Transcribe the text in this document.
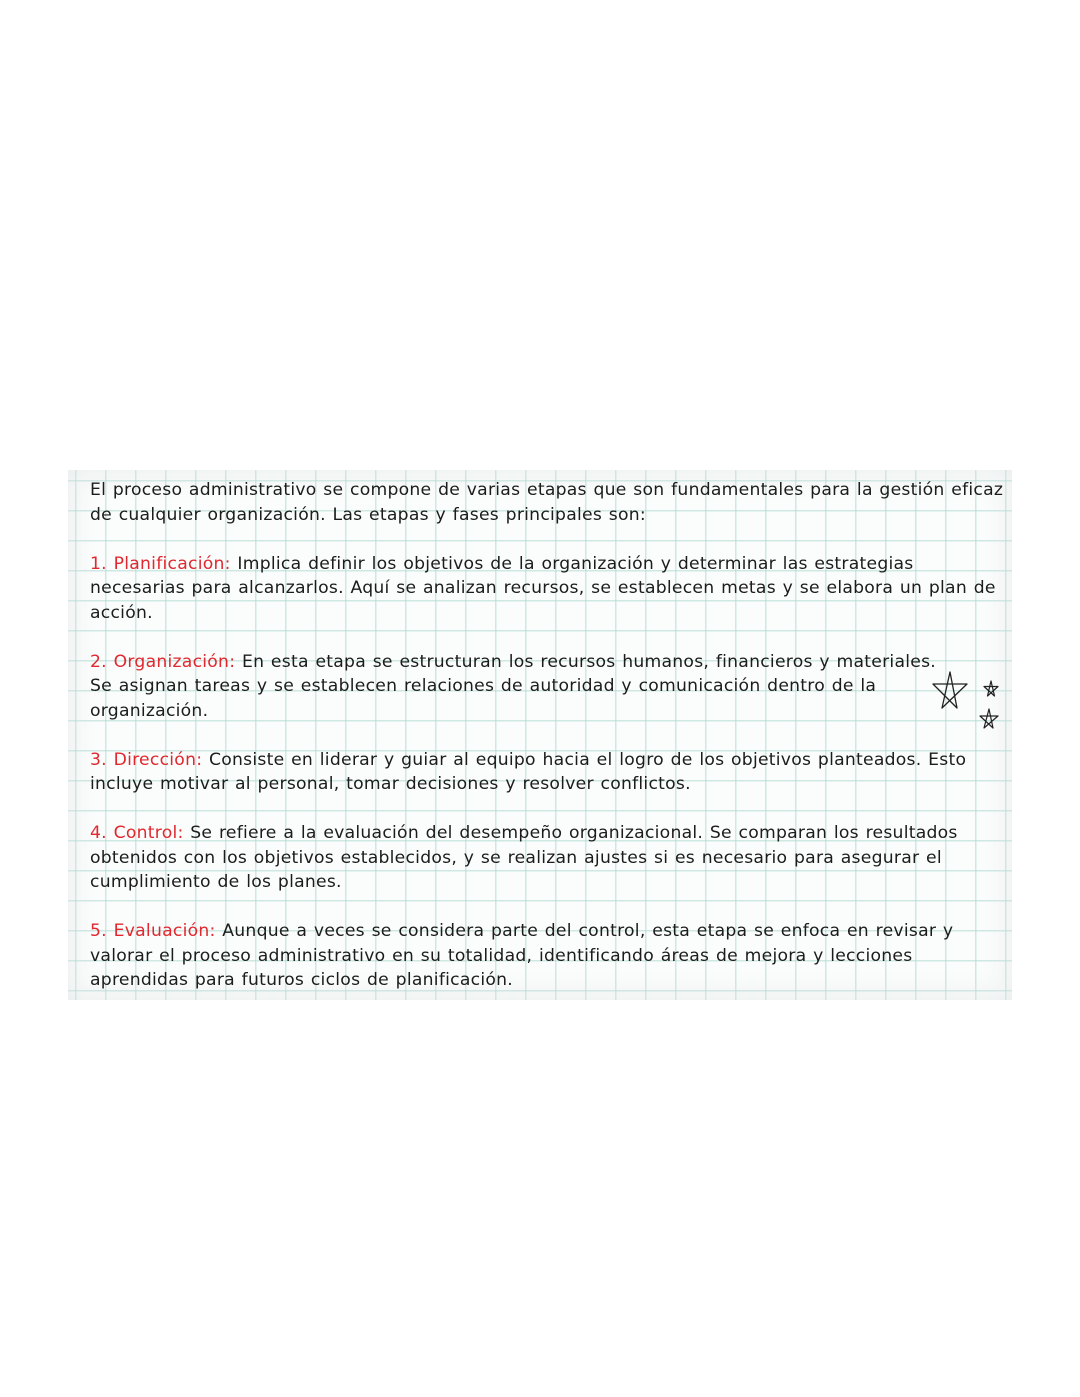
El proceso administrativo se compone de varias etapas que son fundamentales para la gestión eficaz de cualquier organización. Las etapas y fases principales son:

1. Planificación: Implica definir los objetivos de la organización y determinar las estrategias necesarias para alcanzarlos. Aquí se analizan recursos, se establecen metas y se elabora un plan de acción.

2. Organización: En esta etapa se estructuran los recursos humanos, financieros y materiales. Se asignan tareas y se establecen relaciones de autoridad y comunicación dentro de la organización.

3. Dirección: Consiste en liderar y guiar al equipo hacia el logro de los objetivos planteados. Esto incluye motivar al personal, tomar decisiones y resolver conflictos.

4. Control: Se refiere a la evaluación del desempeño organizacional. Se comparan los resultados obtenidos con los objetivos establecidos, y se realizan ajustes si es necesario para asegurar el cumplimiento de los planes.

5. Evaluación: Aunque a veces se considera parte del control, esta etapa se enfoca en revisar y valorar el proceso administrativo en su totalidad, identificando áreas de mejora y lecciones aprendidas para futuros ciclos de planificación.
